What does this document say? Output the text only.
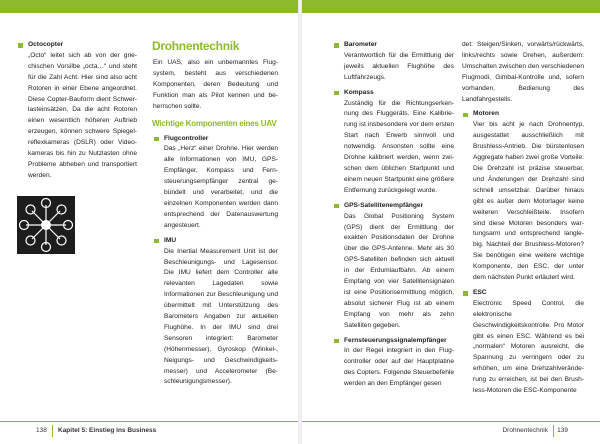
Octocopter
„Octo“ leitet sich ab von der griechischen Vorsilbe „octa…“ und steht für die Zahl Acht. Hier sind also acht Rotoren in einer Ebene angeordnet. Diese Copter-Bauform dient Schwerlasteinsätzen. Da die acht Rotoren einen wesentlich höheren Auftrieb erzeugen, können schwere Spiegelreflexkameras (DSLR) oder Videokameras bis hin zu Nutzlasten ohne Probleme abheben und transportiert werden.
Drohnentechnik
Ein UAS, also ein unbemanntes Flugsystem, besteht aus verschiedenen Komponenten, deren Bedeutung und Funktion man als Pilot kennen und beherrschen sollte.
Wichtige Komponenten eines UAV
Flugcontroller
Das „Herz“ einer Drohne. Hier werden alle Informationen von IMU, GPS-Empfänger, Kompass und Fernsteuerungsempfänger zentral gebündelt und verarbeitet, und die einzelnen Komponenten werden dann entsprechend der Datenauswertung angesteuert.
IMU
Die Inertial Measurement Unit ist der Beschleunigungs- und Lagesensor. Die IMU liefert dem Controller alle relevanten Lagedaten sowie Informationen zur Beschleunigung und übermittelt mit Unterstützung des Barometers Angaben zur aktuellen Flughöhe. In der IMU sind drei Sensoren integriert: Barometer (Höhenmesser), Gyroskop (Winkel-, Neigungs- und Geschwindigkeitsmesser) und Accelerometer (Beschleunigungsmesser).
138 Kapitel 5: Einstieg ins Business
Barometer
Verantwortlich für die Ermittlung der jeweils aktuellen Flughöhe des Luftfahrzeugs.
Kompass
Zuständig für die Richtungserkennung des Fluggeräts. Eine Kalibrierung ist insbesondere vor dem ersten Start nach Erwerb sinnvoll und notwendig. Ansonsten sollte eine Drohne kalibriert werden, wenn zwischen dem üblichen Startpunkt und einem neuen Startpunkt eine größere Entfernung zurückgelegt wurde.
GPS-Satellitenempfänger
Das Global Positioning System (GPS) dient der Ermittlung der exakten Positionsdaten der Drohne über die GPS-Antenne. Mehr als 30 GPS-Satelliten befinden sich aktuell in der Erdumlaufbahn. Ab einem Empfang von vier Satellitensignalen ist eine Positionsermittlung möglich, absolut sicherer Flug ist ab einem Empfang von mehr als zehn Satelliten gegeben.
Fernsteuerungssignalempfänger
In der Regel integriert in den Flugcontroller oder auf der Hauptplatine des Copters. Folgende Steuerbefehle werden an den Empfänger gesen
det: Steigen/Sinken, vorwärts/rückwärts, links/rechts sowie Drehen, außerdem: Umschalten zwischen den verschiedenen Flugmodi, Gimbal-Kontrolle und, sofern vorhanden, Bedienung des Landfahrgestells.
Motoren
Vier bis acht je nach Drohnentyp, ausgestattet ausschließlich mit Brushless-Antrieb. Die bürstenlosen Aggregate haben zwei große Vorteile: Die Drehzahl ist präzise steuerbar, und Änderungen der Drehzahl sind schnell umsetzbar. Darüber hinaus gibt es außer dem Motorlager keine weiteren Verschleißteile. Insofern sind diese Motoren besonders wartungsarm und entsprechend langlebig. Nachteil der Brushless-Motoren? Sie benötigen eine weitere wichtige Komponente, den ESC, der unter dem nächsten Punkt erläutert wird.
ESC
Electronic Speed Control, die elektronische Geschwindigkeitskontrolle. Pro Motor gibt es einen ESC. Während es bei „normalen“ Motoren ausreicht, die Spannung zu verringern oder zu erhöhen, um eine Drehzahlveränderung zu erreichen, ist bei den Brushless-Motoren die ESC-Komponente
Drohnentechnik 139
